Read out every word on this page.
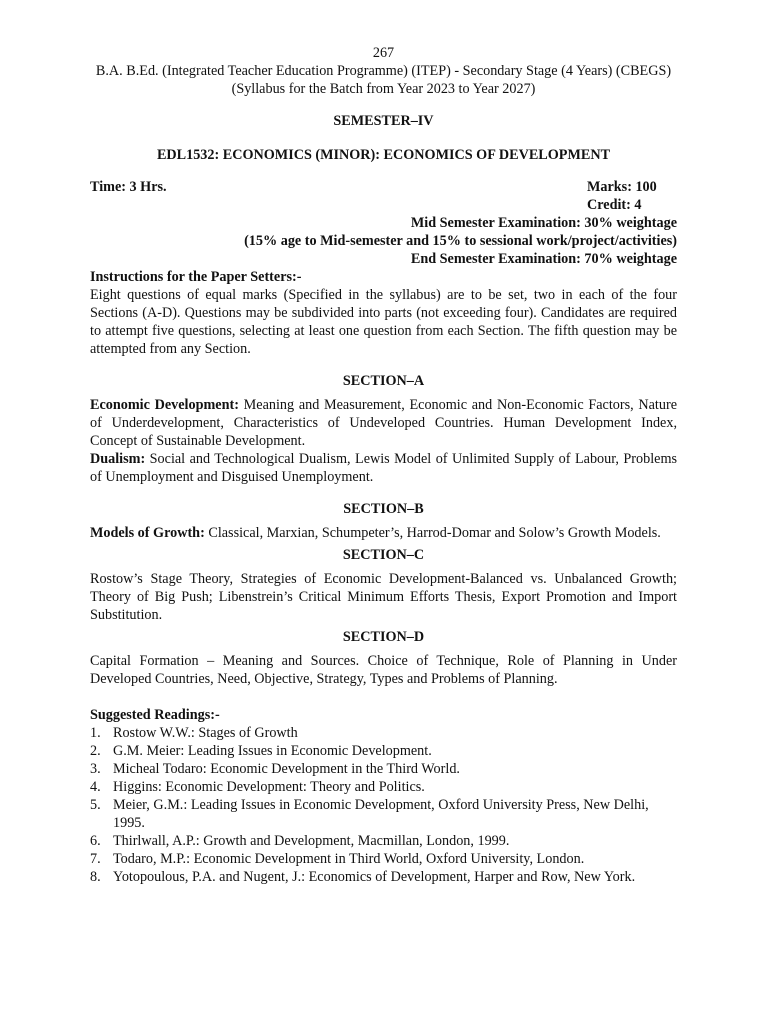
267
B.A. B.Ed. (Integrated Teacher Education Programme) (ITEP) - Secondary Stage (4 Years) (CBEGS)
(Syllabus for the Batch from Year 2023 to Year 2027)
SEMESTER–IV
EDL1532: ECONOMICS (MINOR): ECONOMICS OF DEVELOPMENT
Time: 3 Hrs.	Marks: 100
Credit: 4
Mid Semester Examination: 30% weightage
(15% age to Mid-semester and 15% to sessional work/project/activities)
End Semester Examination: 70% weightage
Instructions for the Paper Setters:-

Eight questions of equal marks (Specified in the syllabus) are to be set, two in each of the four Sections (A-D). Questions may be subdivided into parts (not exceeding four). Candidates are required to attempt five questions, selecting at least one question from each Section. The fifth question may be attempted from any Section.

SECTION–A

Economic Development: Meaning and Measurement, Economic and Non-Economic Factors, Nature of Underdevelopment, Characteristics of Undeveloped Countries. Human Development Index, Concept of Sustainable Development.

Dualism: Social and Technological Dualism, Lewis Model of Unlimited Supply of Labour, Problems of Unemployment and Disguised Unemployment.

SECTION–B

Models of Growth: Classical, Marxian, Schumpeter’s, Harrod-Domar and Solow’s Growth Models.

SECTION–C

Rostow’s Stage Theory, Strategies of Economic Development-Balanced vs. Unbalanced Growth; Theory of Big Push; Libenstrein’s Critical Minimum Efforts Thesis, Export Promotion and Import Substitution.

SECTION–D

Capital Formation – Meaning and Sources. Choice of Technique, Role of Planning in Under Developed Countries, Need, Objective, Strategy, Types and Problems of Planning.

Suggested Readings:-
1. Rostow W.W.: Stages of Growth
2. G.M. Meier: Leading Issues in Economic Development.
3. Micheal Todaro: Economic Development in the Third World.
4. Higgins: Economic Development: Theory and Politics.
5. Meier, G.M.: Leading Issues in Economic Development, Oxford University Press, New Delhi, 1995.
6. Thirlwall, A.P.: Growth and Development, Macmillan, London, 1999.
7. Todaro, M.P.: Economic Development in Third World, Oxford University, London.
8. Yotopoulous, P.A. and Nugent, J.: Economics of Development, Harper and Row, New York.
